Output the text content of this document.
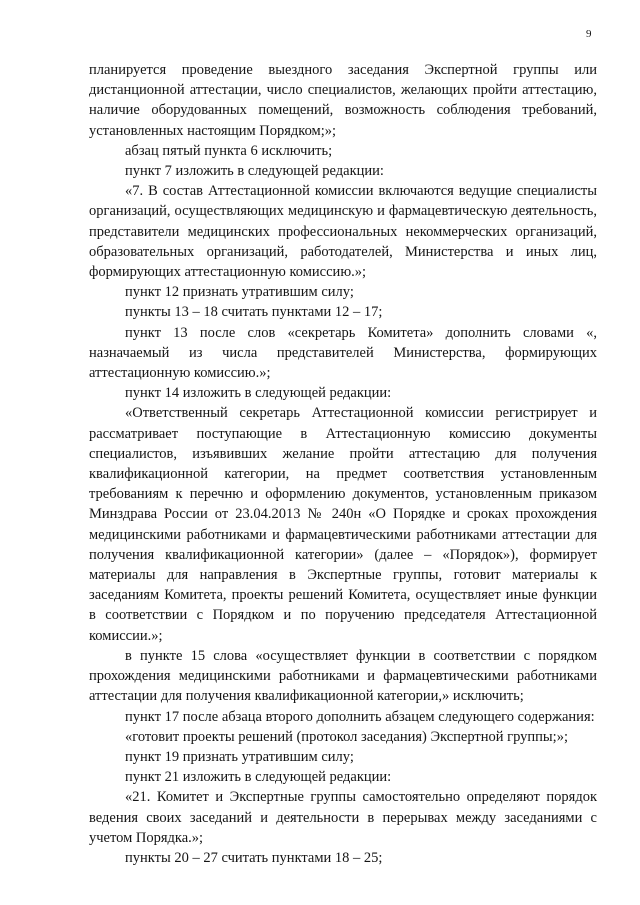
9

планируется проведение выездного заседания Экспертной группы или дистанционной аттестации, число специалистов, желающих пройти аттестацию, наличие оборудованных помещений, возможность соблюдения требований, установленных настоящим Порядком;»;

абзац пятый пункта 6 исключить;

пункт 7 изложить в следующей редакции:

«7. В состав Аттестационной комиссии включаются ведущие специалисты организаций, осуществляющих медицинскую и фармацевтическую деятельность, представители медицинских профессиональных некоммерческих организаций, образовательных организаций, работодателей, Министерства и иных лиц, формирующих аттестационную комиссию.»;

пункт 12 признать утратившим силу;

пункты 13 – 18 считать пунктами 12 – 17;

пункт 13 после слов «секретарь Комитета» дополнить словами «, назначаемый из числа представителей Министерства, формирующих аттестационную комиссию.»;

пункт 14 изложить в следующей редакции:

«Ответственный секретарь Аттестационной комиссии регистрирует и рассматривает поступающие в Аттестационную комиссию документы специалистов, изъявивших желание пройти аттестацию для получения квалификационной категории, на предмет соответствия установленным требованиям к перечню и оформлению документов, установленным приказом Минздрава России от 23.04.2013 № 240н «О Порядке и сроках прохождения медицинскими работниками и фармацевтическими работниками аттестации для получения квалификационной категории» (далее – «Порядок»), формирует материалы для направления в Экспертные группы, готовит материалы к заседаниям Комитета, проекты решений Комитета, осуществляет иные функции в соответствии с Порядком и по поручению председателя Аттестационной комиссии.»;

в пункте 15 слова «осуществляет функции в соответствии с порядком прохождения медицинскими работниками и фармацевтическими работниками аттестации для получения квалификационной категории,» исключить;

пункт 17 после абзаца второго дополнить абзацем следующего содержания:

«готовит проекты решений (протокол заседания) Экспертной группы;»;

пункт 19 признать утратившим силу;

пункт 21 изложить в следующей редакции:

«21. Комитет и Экспертные группы самостоятельно определяют порядок ведения своих заседаний и деятельности в перерывах между заседаниями с учетом Порядка.»;

пункты 20 – 27 считать пунктами 18 – 25;
